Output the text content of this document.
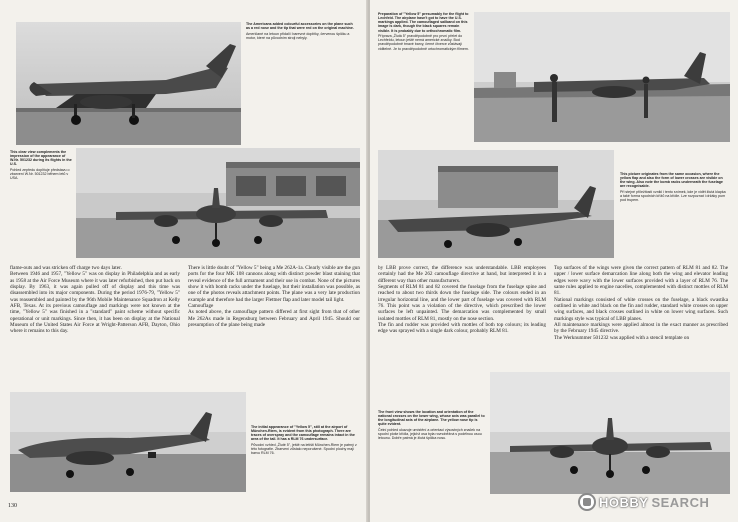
The Americans added colourful accessories on the plane such as a red nose and the tip that were red on the original machine.
Američané na letoun přidali i barevné doplňky, červenou špičku a motor, které na původním stroji nebyly.
This clear view complements the impression of the appearance of W.Nr. 501232 during its flights in the U.S.
Pohled zepředu doplňuje představu o zbarvení W.Nr. 501232 během letů v USA.

flame-outs and was stricken off charge two days later.

Between 1946 and 1957, "Yellow 5" was on display in Philadelphia and as early as 1958 at the Air Force Museum where it was later refurbished, then put back on display. By 1963, it was again pulled off of display and this time was disassembled into its major components. During the period 1976-79, "Yellow 5" was reassembled and painted by the 96th Mobile Maintenance Squadron at Kelly AFB, Texas. At its previous camouflage and markings were not known at the time, "Yellow 5" was finished in a "standard" paint scheme without specific operational or unit markings. Since then, it has been on display at the National Museum of the United States Air Force at Wright-Patterson AFB, Dayton, Ohio where it remains to this day.

There is little doubt of "Yellow 5" being a Me 262A-1a. Clearly visible are the gun ports for the four MK 108 cannons along with distinct powder blast staining that reveal evidence of the full armament and their use in combat. None of the pictures show it with bomb racks under the fuselage, but their installation was possible, as one of the photos reveals attachment points. The plane was a very late production example and therefore had the larger Flettner flap and later model tail light.

Camouflage

As noted above, the camouflage pattern differed at first sight from that of other Me 262As made in Regensburg between February and April 1945. Should our presumption of the plane being made

The initial appearance of "Yellow 5", still at the airport of München-Riem, is evident from this photograph. There are traces of overspray and the camouflage remains intact in the area of the tail. It has a RLM 76 undersurface.
Původní vzhled „Žluté 5", ještě na letišti München-Riem je patrný z této fotografie. Zbarvení zůstalo neporušené. Spodní plochy mají barvu RLM 76.
130
Preparation of "Yellow 5" presumably for the flight to Lechfeld. The airplane hasn't got to have the U.S. markings applied. The camouflaged sailband on this image is dark, though the black squares remain visible. It is probably due to orthochromatic film.
Příprava „Žlutá 5" pravděpodobně pro první přelet do Lechfeldu, letoun ještě nemá americké značky. Bod pravděpodobně tmavé barvy, černé čtverce zůstávají viditelné. Je to pravděpodobně ortochromatickým filmem.
This picture originates from the same occasion, where the yellow flap and also the form of lower crosses are visible on the wing. Also note the bomb racks underneath the fuselage are recognisable.
Při stejné příležitosti vznikl i tento snímek, kde je vidět žlutá klapka a také forma spodních křížů na křídle. Lze rozpoznat i držáky pum pod trupem.

by LBB prove correct, the difference was understandable. LBB employees certainly had the Me 262 camouflage directive at hand, but interpreted it in a different way than other manufacturers.

Segments of RLM 81 and 82 covered the fuselage from the fuselage spine and reached to about two thirds down the fuselage side. The colours ended in an irregular horizontal line, and the lower part of fuselage was covered with RLM 76. This point was a violation of the directive, which prescribed the lower surfaces be left unpainted. The demarcation was complemented by small isolated mottles of RLM 81, mostly on the nose section.

The fin and rudder was provided with mottles of both top colours; its leading edge was sprayed with a single dark colour, probably RLM 81.

Top surfaces of the wings were given the correct pattern of RLM 81 and 82. The upper / lower surface demarcation line along both the wing and elevator leading edges were wavy with the lower surfaces provided with a layer of RLM 76. The same rules applied to engine nacelles, complemented with distinct mottles of RLM 81.

National markings consisted of white crosses on the fuselage, a black swastika outlined in white and black on the fin and rudder, standard white crosses on upper wing surfaces, and black crosses outlined in white on lower wing surfaces. Such markings style was typical of LBB planes.

All maintenance markings were applied almost in the exact manner as prescribed by the February 1945 directive.

The Werknummer 501232 was applied with a stencil template on

The front view shows the location and orientation of the national crosses on the lower wing, whose axis was parallel to the longitudinal axis of the airplane. The yellow nose tip is quite evident.
Čelní pohled ukazuje umístění a orientaci výsostných značek na spodní ploše křídla, jejichž osa byla rovnoběžná s podélnou osou letounu. Dobře patrná je žlutá špička nosu.
HOBBY SEARCH
